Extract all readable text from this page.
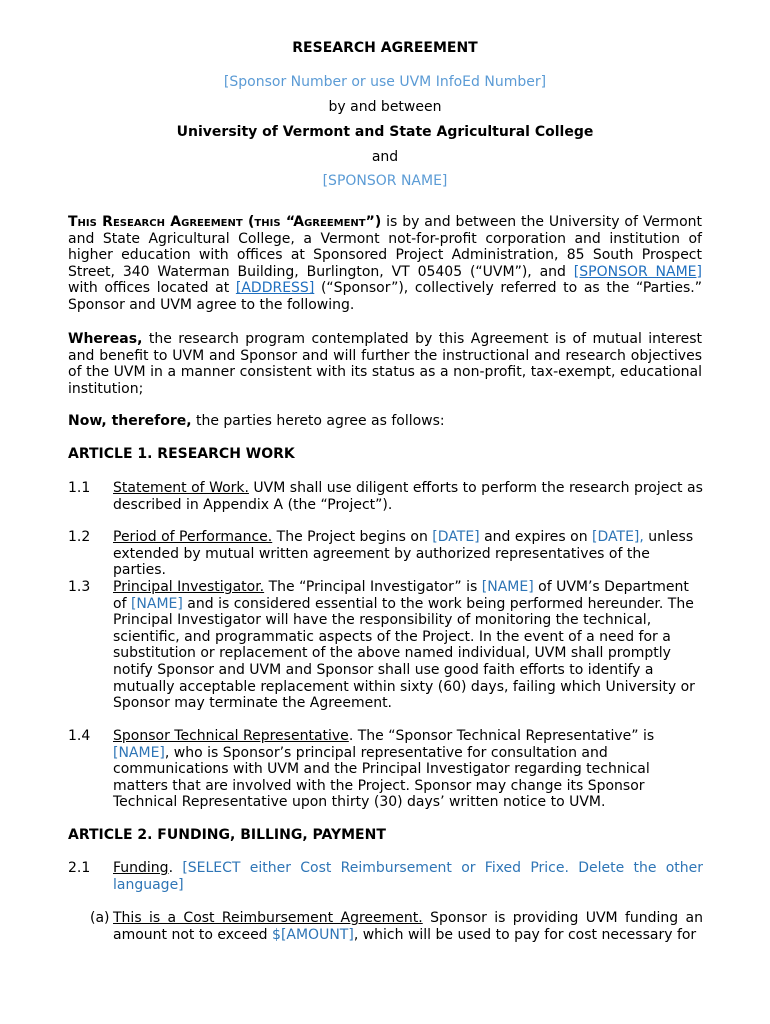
RESEARCH AGREEMENT
[Sponsor Number or use UVM InfoEd Number]
by and between
University of Vermont and State Agricultural College
and
[SPONSOR NAME]
This Research Agreement (this “Agreement”) is by and between the University of Vermont and State Agricultural College, a Vermont not-for-profit corporation and institution of higher education with offices at Sponsored Project Administration, 85 South Prospect Street, 340 Waterman Building, Burlington, VT 05405 (“UVM”), and [SPONSOR NAME] with offices located at [ADDRESS] (“Sponsor”), collectively referred to as the “Parties.” Sponsor and UVM agree to the following.
Whereas, the research program contemplated by this Agreement is of mutual interest and benefit to UVM and Sponsor and will further the instructional and research objectives of the UVM in a manner consistent with its status as a non-profit, tax-exempt, educational institution;
Now, therefore, the parties hereto agree as follows:
ARTICLE 1. RESEARCH WORK
1.1 Statement of Work. UVM shall use diligent efforts to perform the research project as described in Appendix A (the “Project”).
1.2 Period of Performance. The Project begins on [DATE] and expires on [DATE], unless extended by mutual written agreement by authorized representatives of the parties.
1.3 Principal Investigator. The “Principal Investigator” is [NAME] of UVM’s Department of [NAME] and is considered essential to the work being performed hereunder. The Principal Investigator will have the responsibility of monitoring the technical, scientific, and programmatic aspects of the Project. In the event of a need for a substitution or replacement of the above named individual, UVM shall promptly notify Sponsor and UVM and Sponsor shall use good faith efforts to identify a mutually acceptable replacement within sixty (60) days, failing which University or Sponsor may terminate the Agreement.
1.4 Sponsor Technical Representative. The “Sponsor Technical Representative” is [NAME], who is Sponsor’s principal representative for consultation and communications with UVM and the Principal Investigator regarding technical matters that are involved with the Project. Sponsor may change its Sponsor Technical Representative upon thirty (30) days’ written notice to UVM.
ARTICLE 2. FUNDING, BILLING, PAYMENT
2.1 Funding. [SELECT either Cost Reimbursement or Fixed Price. Delete the other language]
(a) This is a Cost Reimbursement Agreement. Sponsor is providing UVM funding an amount not to exceed $[AMOUNT], which will be used to pay for cost necessary for
